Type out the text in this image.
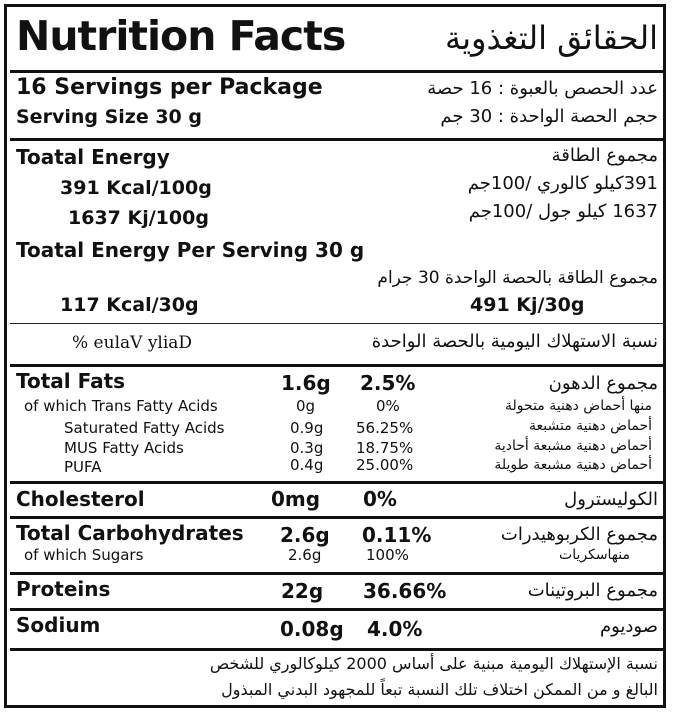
Nutrition Facts	الحقائق التغذوية
16 Servings per Package	عدد الحصص بالعبوة : 16 حصة
Serving Size 30 g	حجم الحصة الواحدة : 30 جم
Toatal Energy	مجموع الطاقة
391 Kcal/100g	391كيلو كالوري /100جم
1637 Kj/100g	1637 كيلو جول /100جم
Toatal Energy Per Serving 30 g
مجموع الطاقة بالحصة الواحدة 30 جرام
117 Kcal/30g	491 Kj/30g
نسبة الاستهلاك اليومية بالحصة الواحدة
Daily Value %
Total Fats	1.6g 2.5%	مجموع الدهون
of which Trans Fatty Acids	0g	0%	منها أحماض دهنية متحولة
Saturated Fatty Acids	0.9g 56.25%	أحماض دهنية متشبعة
MUS Fatty Acids	0.3g 18.75%	أحماض دهنية مشبعة أحادية
PUFA	0.4g 25.00%	أحماض دهنية مشبعة طويلة
Cholesterol	0mg 0%	الكوليسترول
Total Carbohydrates 2.6g 0.11%	مجموع الكربوهيدرات
of which Sugars	2.6g	100%	منهاسكريات
Proteins	22g 36.66%	مجموع البروتينات
Sodium	0.08g 4.0%	صوديوم
نسبة الإستهلاك اليومية مبنية على أساس 2000 كيلوكالوري للشخص
البالغ و من الممكن اختلاف تلك النسبة تبعاً للمجهود البدني المبذول
